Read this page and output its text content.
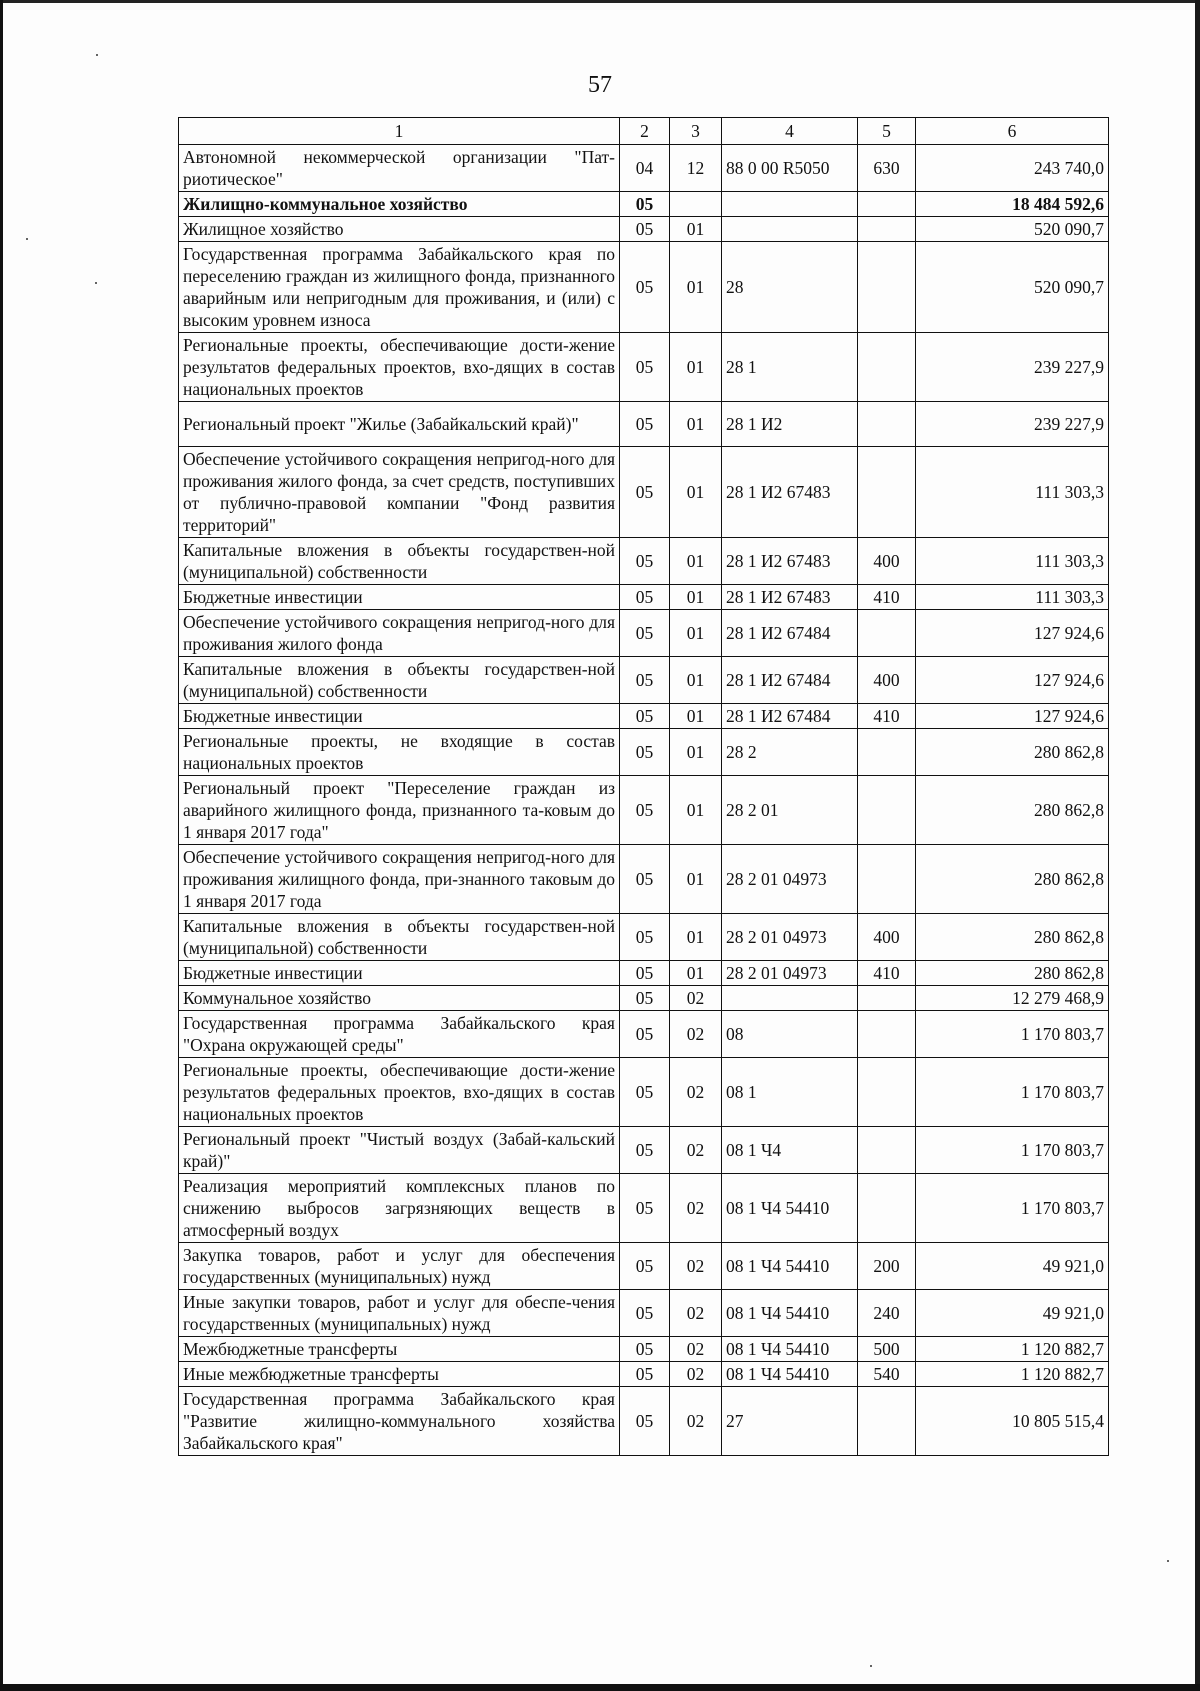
57
1	2	3	4	5	6
Автономной некоммерческой организации "Пат-риотическое"	04	12	88 0 00 R5050	630	243 740,0
Жилищно-коммунальное хозяйство	05				18 484 592,6
Жилищное хозяйство	05	01			520 090,7
Государственная программа Забайкальского края по переселению граждан из жилищного фонда, признанного аварийным или непригодным для проживания, и (или) с высоким уровнем износа	05	01	28		520 090,7
Региональные проекты, обеспечивающие дости-жение результатов федеральных проектов, вхо-дящих в состав национальных проектов	05	01	28 1		239 227,9
Региональный проект "Жилье (Забайкальский край)"	05	01	28 1 И2		239 227,9
Обеспечение устойчивого сокращения непригод-ного для проживания жилого фонда, за счет средств, поступивших от публично-правовой компании "Фонд развития территорий"	05	01	28 1 И2 67483		111 303,3
Капитальные вложения в объекты государствен-ной (муниципальной) собственности	05	01	28 1 И2 67483	400	111 303,3
Бюджетные инвестиции	05	01	28 1 И2 67483	410	111 303,3
Обеспечение устойчивого сокращения непригод-ного для проживания жилого фонда	05	01	28 1 И2 67484		127 924,6
Капитальные вложения в объекты государствен-ной (муниципальной) собственности	05	01	28 1 И2 67484	400	127 924,6
Бюджетные инвестиции	05	01	28 1 И2 67484	410	127 924,6
Региональные проекты, не входящие в состав национальных проектов	05	01	28 2		280 862,8
Региональный проект "Переселение граждан из аварийного жилищного фонда, признанного та-ковым до 1 января 2017 года"	05	01	28 2 01		280 862,8
Обеспечение устойчивого сокращения непригод-ного для проживания жилищного фонда, при-знанного таковым до 1 января 2017 года	05	01	28 2 01 04973		280 862,8
Капитальные вложения в объекты государствен-ной (муниципальной) собственности	05	01	28 2 01 04973	400	280 862,8
Бюджетные инвестиции	05	01	28 2 01 04973	410	280 862,8
Коммунальное хозяйство	05	02			12 279 468,9
Государственная программа Забайкальского края "Охрана окружающей среды"	05	02	08		1 170 803,7
Региональные проекты, обеспечивающие дости-жение результатов федеральных проектов, вхо-дящих в состав национальных проектов	05	02	08 1		1 170 803,7
Региональный проект "Чистый воздух (Забай-кальский край)"	05	02	08 1 Ч4		1 170 803,7
Реализация мероприятий комплексных планов по снижению выбросов загрязняющих веществ в атмосферный воздух	05	02	08 1 Ч4 54410		1 170 803,7
Закупка товаров, работ и услуг для обеспечения государственных (муниципальных) нужд	05	02	08 1 Ч4 54410	200	49 921,0
Иные закупки товаров, работ и услуг для обеспе-чения государственных (муниципальных) нужд	05	02	08 1 Ч4 54410	240	49 921,0
Межбюджетные трансферты	05	02	08 1 Ч4 54410	500	1 120 882,7
Иные межбюджетные трансферты	05	02	08 1 Ч4 54410	540	1 120 882,7
Государственная программа Забайкальского края "Развитие жилищно-коммунального хозяйства Забайкальского края"	05	02	27		10 805 515,4
